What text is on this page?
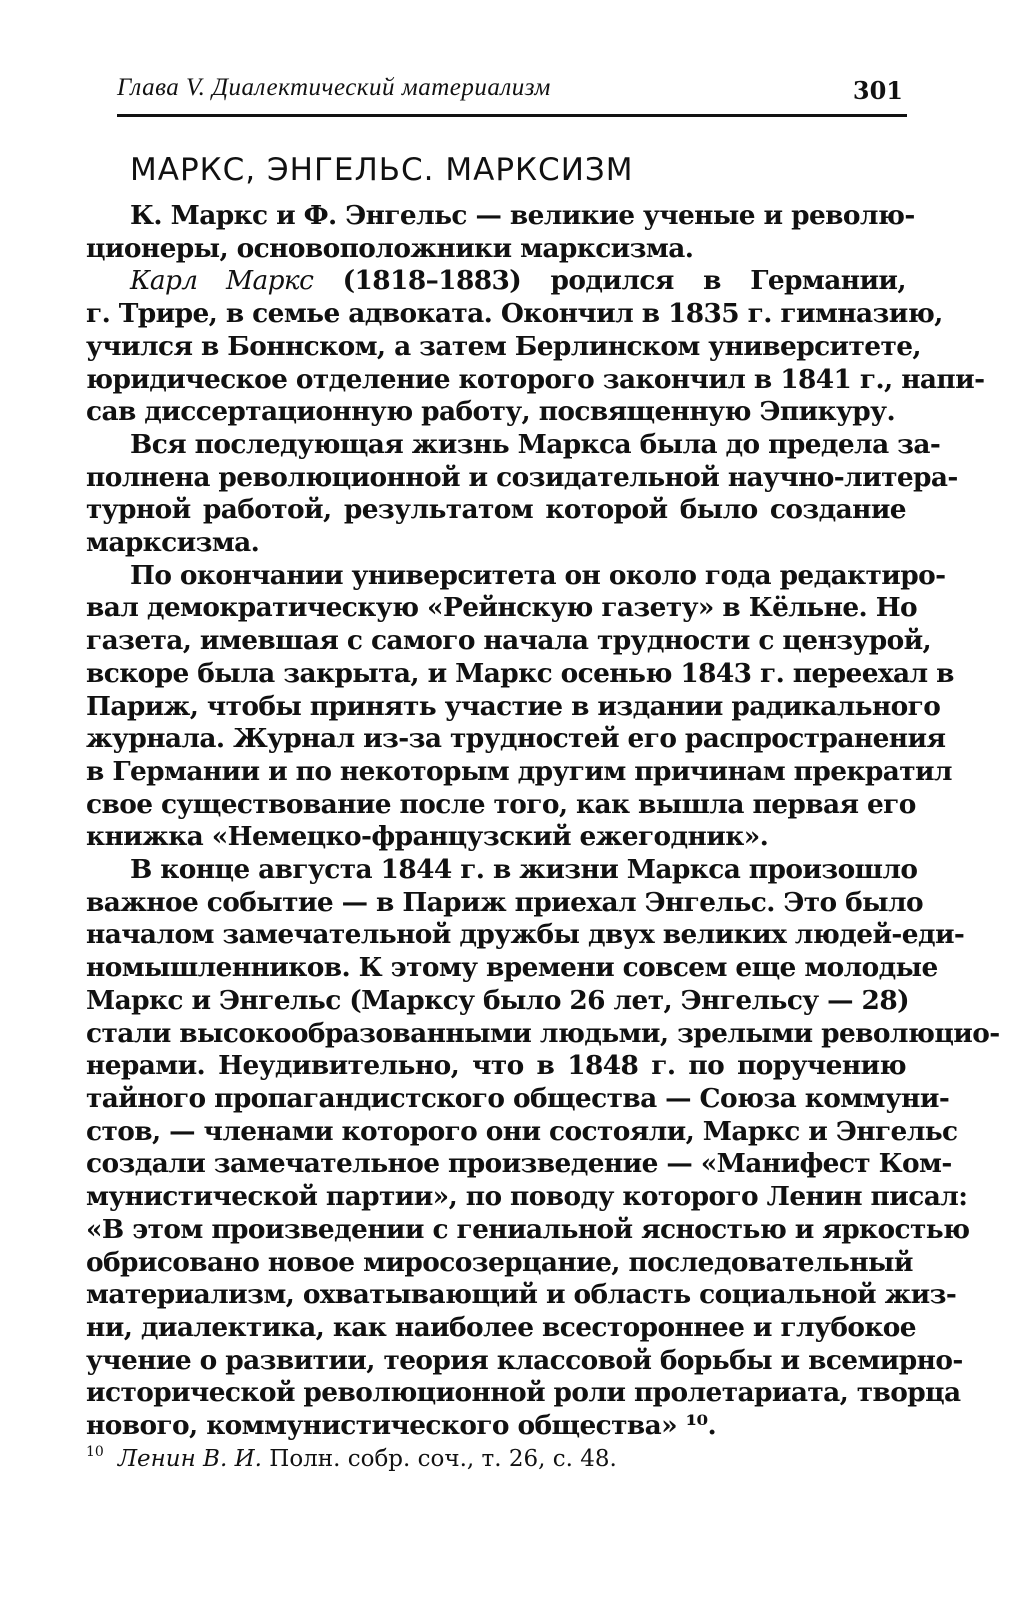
Глава V. Диалектический материализм	301
МАРКС, ЭНГЕЛЬС. МАРКСИЗМ
К. Маркс и Ф. Энгельс — великие ученые и револю-
ционеры, основоположники марксизма.
Карл Маркс (1818–1883) родился в Германии,
г. Трире, в семье адвоката. Окончил в 1835 г. гимназию,
учился в Боннском, а затем Берлинском университете,
юридическое отделение которого закончил в 1841 г., напи-
сав диссертационную работу, посвященную Эпикуру.
Вся последующая жизнь Маркса была до предела за-
полнена революционной и созидательной научно-литера-
турной работой, результатом которой было создание
марксизма.
По окончании университета он около года редактиро-
вал демократическую «Рейнскую газету» в Кёльне. Но
газета, имевшая с самого начала трудности с цензурой,
вскоре была закрыта, и Маркс осенью 1843 г. переехал в
Париж, чтобы принять участие в издании радикального
журнала. Журнал из-за трудностей его распространения
в Германии и по некоторым другим причинам прекратил
свое существование после того, как вышла первая его
книжка «Немецко-французский ежегодник».
В конце августа 1844 г. в жизни Маркса произошло
важное событие — в Париж приехал Энгельс. Это было
началом замечательной дружбы двух великих людей-еди-
номышленников. К этому времени совсем еще молодые
Маркс и Энгельс (Марксу было 26 лет, Энгельсу — 28)
стали высокообразованными людьми, зрелыми революцио-
нерами. Неудивительно, что в 1848 г. по поручению
тайного пропагандистского общества — Союза коммуни-
стов, — членами которого они состояли, Маркс и Энгельс
создали замечательное произведение — «Манифест Ком-
мунистической партии», по поводу которого Ленин писал:
«В этом произведении с гениальной ясностью и яркостью
обрисовано новое миросозерцание, последовательный
материализм, охватывающий и область социальной жиз-
ни, диалектика, как наиболее всестороннее и глубокое
учение о развитии, теория классовой борьбы и всемирно-
исторической революционной роли пролетариата, творца
нового, коммунистического общества» ¹⁰.
$^{10}$ Ленин В. И. Полн. собр. соч., т. 26, с. 48.
